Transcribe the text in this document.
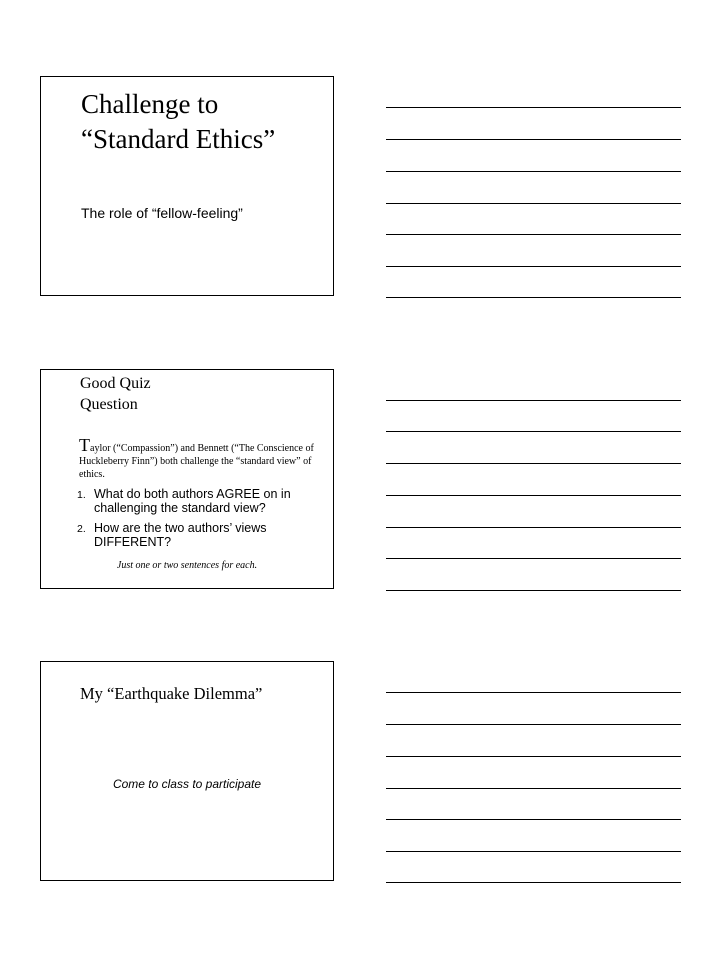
Challenge to “Standard Ethics”
The role of “fellow-feeling”
Good Quiz
Question
Taylor (“Compassion”) and Bennett (“The Conscience of Huckleberry Finn”) both challenge the “standard view” of ethics.
1. What do both authors AGREE on in challenging the standard view?
2. How are the two authors’ views DIFFERENT?
Just one or two sentences for each.
My “Earthquake Dilemma”
Come to class to participate
